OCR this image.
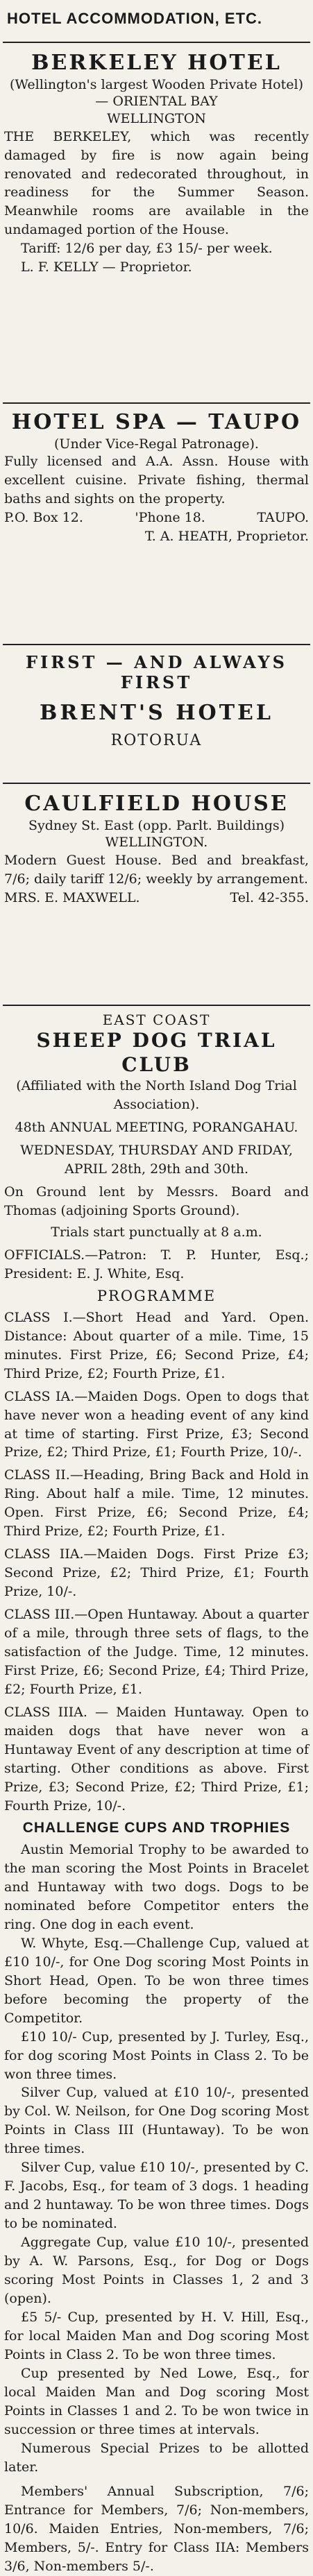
HOTEL ACCOMMODATION, ETC.
BERKELEY HOTEL
(Wellington's largest Wooden Private Hotel) — ORIENTAL BAY
WELLINGTON

THE BERKELEY, which was recently damaged by fire is now again being renovated and redecorated throughout, in readiness for the Summer Season. Meanwhile rooms are available in the undamaged portion of the House.

Tariff: 12/6 per day, £3 15/- per week.

L. F. KELLY — Proprietor.

HOTEL SPA — TAUPO
(Under Vice-Regal Patronage).

Fully licensed and A.A. Assn. House with excellent cuisine. Private fishing, thermal baths and sights on the property.

P.O. Box 12.	'Phone 18.	TAUPO.
T. A. HEATH, Proprietor.
FIRST — AND ALWAYS FIRST
BRENT'S HOTEL
ROTORUA
CAULFIELD HOUSE
Sydney St. East (opp. Parlt. Buildings)
WELLINGTON.

Modern Guest House. Bed and breakfast, 7/6; daily tariff 12/6; weekly by arrangement.

MRS. E. MAXWELL.	Tel. 42-355.
EAST COAST
SHEEP DOG TRIAL CLUB

(Affiliated with the North Island Dog Trial Association).

48th ANNUAL MEETING, PORANGAHAU.

WEDNESDAY, THURSDAY AND FRIDAY,

APRIL 28th, 29th and 30th.

On Ground lent by Messrs. Board and Thomas (adjoining Sports Ground).

Trials start punctually at 8 a.m.

OFFICIALS.—Patron: T. P. Hunter, Esq.; President: E. J. White, Esq.

PROGRAMME

CLASS I.—Short Head and Yard. Open. Distance: About quarter of a mile. Time, 15 minutes. First Prize, £6; Second Prize, £4; Third Prize, £2; Fourth Prize, £1.

CLASS IA.—Maiden Dogs. Open to dogs that have never won a heading event of any kind at time of starting. First Prize, £3; Second Prize, £2; Third Prize, £1; Fourth Prize, 10/-.

CLASS II.—Heading, Bring Back and Hold in Ring. About half a mile. Time, 12 minutes. Open. First Prize, £6; Second Prize, £4; Third Prize, £2; Fourth Prize, £1.

CLASS IIA.—Maiden Dogs. First Prize £3; Second Prize, £2; Third Prize, £1; Fourth Prize, 10/-.

CLASS III.—Open Huntaway. About a quarter of a mile, through three sets of flags, to the satisfaction of the Judge. Time, 12 minutes. First Prize, £6; Second Prize, £4; Third Prize, £2; Fourth Prize, £1.

CLASS IIIA. — Maiden Huntaway. Open to maiden dogs that have never won a Huntaway Event of any description at time of starting. Other conditions as above. First Prize, £3; Second Prize, £2; Third Prize, £1; Fourth Prize, 10/-.

CHALLENGE CUPS AND TROPHIES

Austin Memorial Trophy to be awarded to the man scoring the Most Points in Bracelet and Huntaway with two dogs. Dogs to be nominated before Competitor enters the ring. One dog in each event.

W. Whyte, Esq.—Challenge Cup, valued at £10 10/-, for One Dog scoring Most Points in Short Head, Open. To be won three times before becoming the property of the Competitor.

£10 10/- Cup, presented by J. Turley, Esq., for dog scoring Most Points in Class 2. To be won three times.

Silver Cup, valued at £10 10/-, presented by Col. W. Neilson, for One Dog scoring Most Points in Class III (Huntaway). To be won three times.

Silver Cup, value £10 10/-, presented by C. F. Jacobs, Esq., for team of 3 dogs. 1 heading and 2 huntaway. To be won three times. Dogs to be nominated.

Aggregate Cup, value £10 10/-, presented by A. W. Parsons, Esq., for Dog or Dogs scoring Most Points in Classes 1, 2 and 3 (open).

£5 5/- Cup, presented by H. V. Hill, Esq., for local Maiden Man and Dog scoring Most Points in Class 2. To be won three times.

Cup presented by Ned Lowe, Esq., for local Maiden Man and Dog scoring Most Points in Classes 1 and 2. To be won twice in succession or three times at intervals.

Numerous Special Prizes to be allotted later.

Members' Annual Subscription, 7/6; Entrance for Members, 7/6; Non-members, 10/6. Maiden Entries, Non-members, 7/6; Members, 5/-. Entry for Class IIA: Members 3/6, Non-members 5/-.
